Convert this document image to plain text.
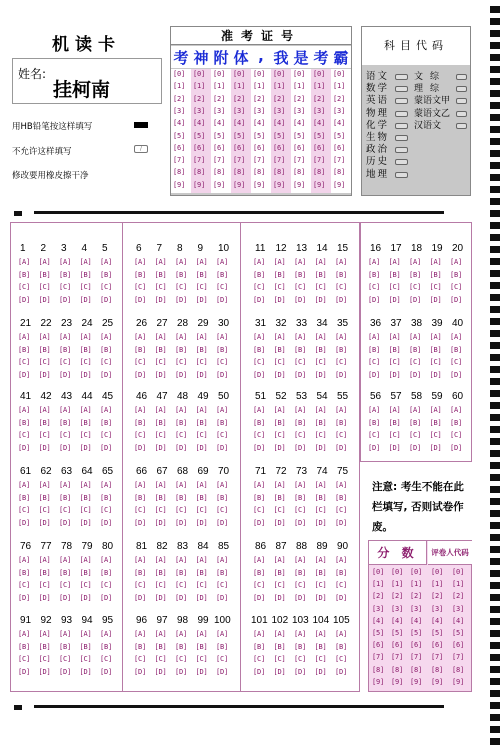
机读卡
姓名:
挂柯南
用HB铅笔按这样填写
不允许这样填写	/
修改要用橡皮擦干净
准考证号
考 神 附 体 , 我 是 考 霸
[0]
[1]
[2]
[3]
[4]
[5]
[6]
[7]
[8]
[9]
[0]
[1]
[2]
[3]
[4]
[5]
[6]
[7]
[8]
[9]
[0]
[1]
[2]
[3]
[4]
[5]
[6]
[7]
[8]
[9]
[0]
[1]
[2]
[3]
[4]
[5]
[6]
[7]
[8]
[9]
[0]
[1]
[2]
[3]
[4]
[5]
[6]
[7]
[8]
[9]
[0]
[1]
[2]
[3]
[4]
[5]
[6]
[7]
[8]
[9]
[0]
[1]
[2]
[3]
[4]
[5]
[6]
[7]
[8]
[9]
[0]
[1]
[2]
[3]
[4]
[5]
[6]
[7]
[8]
[9]
[0]
[1]
[2]
[3]
[4]
[5]
[6]
[7]
[8]
[9]
科目代码
语文
数学
英语
物理
化学
生物
政治
历史
地理
文综
理综
蒙语文甲
蒙语文乙
汉语文
1
[A]
[B]
[C]
[D]
2
[A]
[B]
[C]
[D]
3
[A]
[B]
[C]
[D]
4
[A]
[B]
[C]
[D]
5
[A]
[B]
[C]
[D]
6
[A]
[B]
[C]
[D]
7
[A]
[B]
[C]
[D]
8
[A]
[B]
[C]
[D]
9
[A]
[B]
[C]
[D]
10
[A]
[B]
[C]
[D]
11
[A]
[B]
[C]
[D]
12
[A]
[B]
[C]
[D]
13
[A]
[B]
[C]
[D]
14
[A]
[B]
[C]
[D]
15
[A]
[B]
[C]
[D]
16
[A]
[B]
[C]
[D]
17
[A]
[B]
[C]
[D]
18
[A]
[B]
[C]
[D]
19
[A]
[B]
[C]
[D]
20
[A]
[B]
[C]
[D]
21
[A]
[B]
[C]
[D]
22
[A]
[B]
[C]
[D]
23
[A]
[B]
[C]
[D]
24
[A]
[B]
[C]
[D]
25
[A]
[B]
[C]
[D]
26
[A]
[B]
[C]
[D]
27
[A]
[B]
[C]
[D]
28
[A]
[B]
[C]
[D]
29
[A]
[B]
[C]
[D]
30
[A]
[B]
[C]
[D]
31
[A]
[B]
[C]
[D]
32
[A]
[B]
[C]
[D]
33
[A]
[B]
[C]
[D]
34
[A]
[B]
[C]
[D]
35
[A]
[B]
[C]
[D]
36
[A]
[B]
[C]
[D]
37
[A]
[B]
[C]
[D]
38
[A]
[B]
[C]
[D]
39
[A]
[B]
[C]
[D]
40
[A]
[B]
[C]
[D]
41
[A]
[B]
[C]
[D]
42
[A]
[B]
[C]
[D]
43
[A]
[B]
[C]
[D]
44
[A]
[B]
[C]
[D]
45
[A]
[B]
[C]
[D]
46
[A]
[B]
[C]
[D]
47
[A]
[B]
[C]
[D]
48
[A]
[B]
[C]
[D]
49
[A]
[B]
[C]
[D]
50
[A]
[B]
[C]
[D]
51
[A]
[B]
[C]
[D]
52
[A]
[B]
[C]
[D]
53
[A]
[B]
[C]
[D]
54
[A]
[B]
[C]
[D]
55
[A]
[B]
[C]
[D]
56
[A]
[B]
[C]
[D]
57
[A]
[B]
[C]
[D]
58
[A]
[B]
[C]
[D]
59
[A]
[B]
[C]
[D]
60
[A]
[B]
[C]
[D]
61
[A]
[B]
[C]
[D]
62
[A]
[B]
[C]
[D]
63
[A]
[B]
[C]
[D]
64
[A]
[B]
[C]
[D]
65
[A]
[B]
[C]
[D]
66
[A]
[B]
[C]
[D]
67
[A]
[B]
[C]
[D]
68
[A]
[B]
[C]
[D]
69
[A]
[B]
[C]
[D]
70
[A]
[B]
[C]
[D]
71
[A]
[B]
[C]
[D]
72
[A]
[B]
[C]
[D]
73
[A]
[B]
[C]
[D]
74
[A]
[B]
[C]
[D]
75
[A]
[B]
[C]
[D]
76
[A]
[B]
[C]
[D]
77
[A]
[B]
[C]
[D]
78
[A]
[B]
[C]
[D]
79
[A]
[B]
[C]
[D]
80
[A]
[B]
[C]
[D]
81
[A]
[B]
[C]
[D]
82
[A]
[B]
[C]
[D]
83
[A]
[B]
[C]
[D]
84
[A]
[B]
[C]
[D]
85
[A]
[B]
[C]
[D]
86
[A]
[B]
[C]
[D]
87
[A]
[B]
[C]
[D]
88
[A]
[B]
[C]
[D]
89
[A]
[B]
[C]
[D]
90
[A]
[B]
[C]
[D]
91
[A]
[B]
[C]
[D]
92
[A]
[B]
[C]
[D]
93
[A]
[B]
[C]
[D]
94
[A]
[B]
[C]
[D]
95
[A]
[B]
[C]
[D]
96
[A]
[B]
[C]
[D]
97
[A]
[B]
[C]
[D]
98
[A]
[B]
[C]
[D]
99
[A]
[B]
[C]
[D]
100
[A]
[B]
[C]
[D]
101
[A]
[B]
[C]
[D]
102
[A]
[B]
[C]
[D]
103
[A]
[B]
[C]
[D]
104
[A]
[B]
[C]
[D]
105
[A]
[B]
[C]
[D]
注意: 考生不能在此栏填写, 否则试卷作废。
分 数	评卷人代码
[0]
[1]
[2]
[3]
[4]
[5]
[6]
[7]
[8]
[9]
[0]
[1]
[2]
[3]
[4]
[5]
[6]
[7]
[8]
[9]
[0]
[1]
[2]
[3]
[4]
[5]
[6]
[7]
[8]
[9]
[0]
[1]
[2]
[3]
[4]
[5]
[6]
[7]
[8]
[9]
[0]
[1]
[2]
[3]
[4]
[5]
[6]
[7]
[8]
[9]
